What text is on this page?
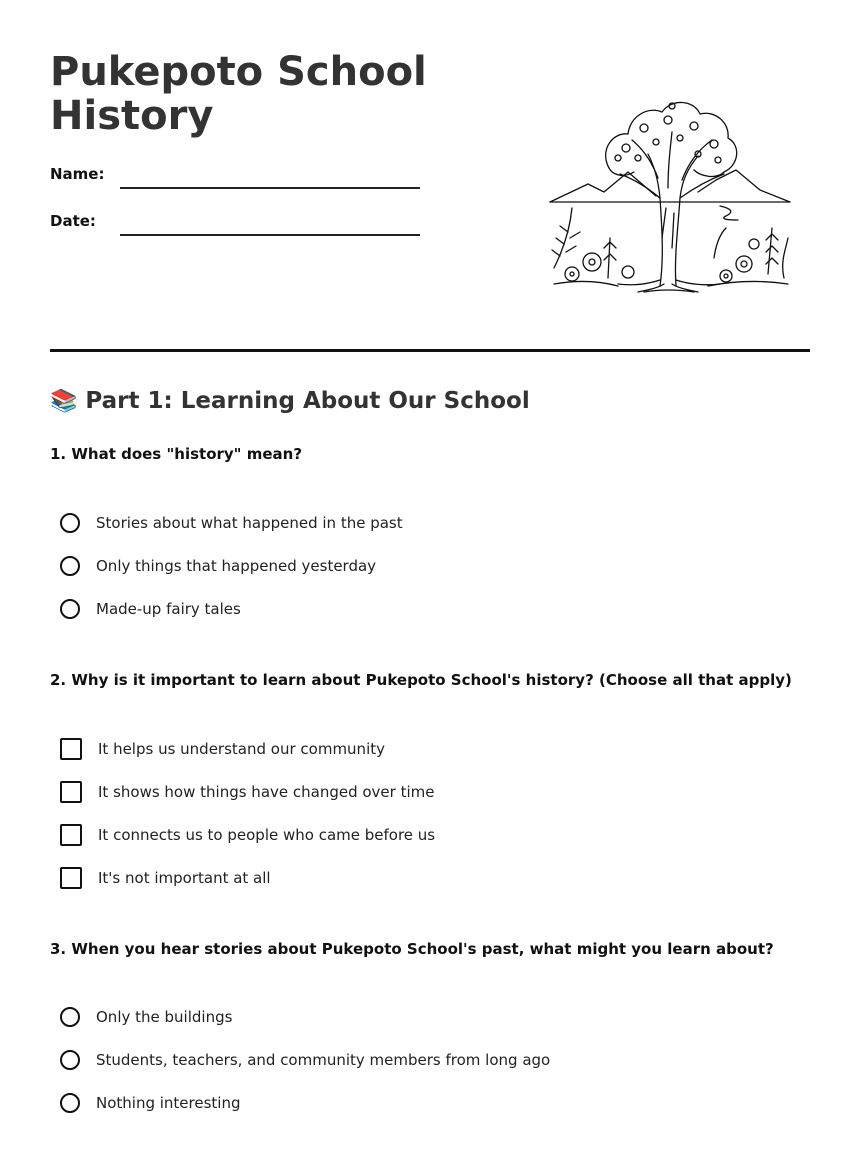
Pukepoto School History
Name:
Date:
📚 Part 1: Learning About Our School
1. What does "history" mean?
Stories about what happened in the past
Only things that happened yesterday
Made-up fairy tales
2. Why is it important to learn about Pukepoto School's history? (Choose all that apply)
It helps us understand our community
It shows how things have changed over time
It connects us to people who came before us
It's not important at all
3. When you hear stories about Pukepoto School's past, what might you learn about?
Only the buildings
Students, teachers, and community members from long ago
Nothing interesting
